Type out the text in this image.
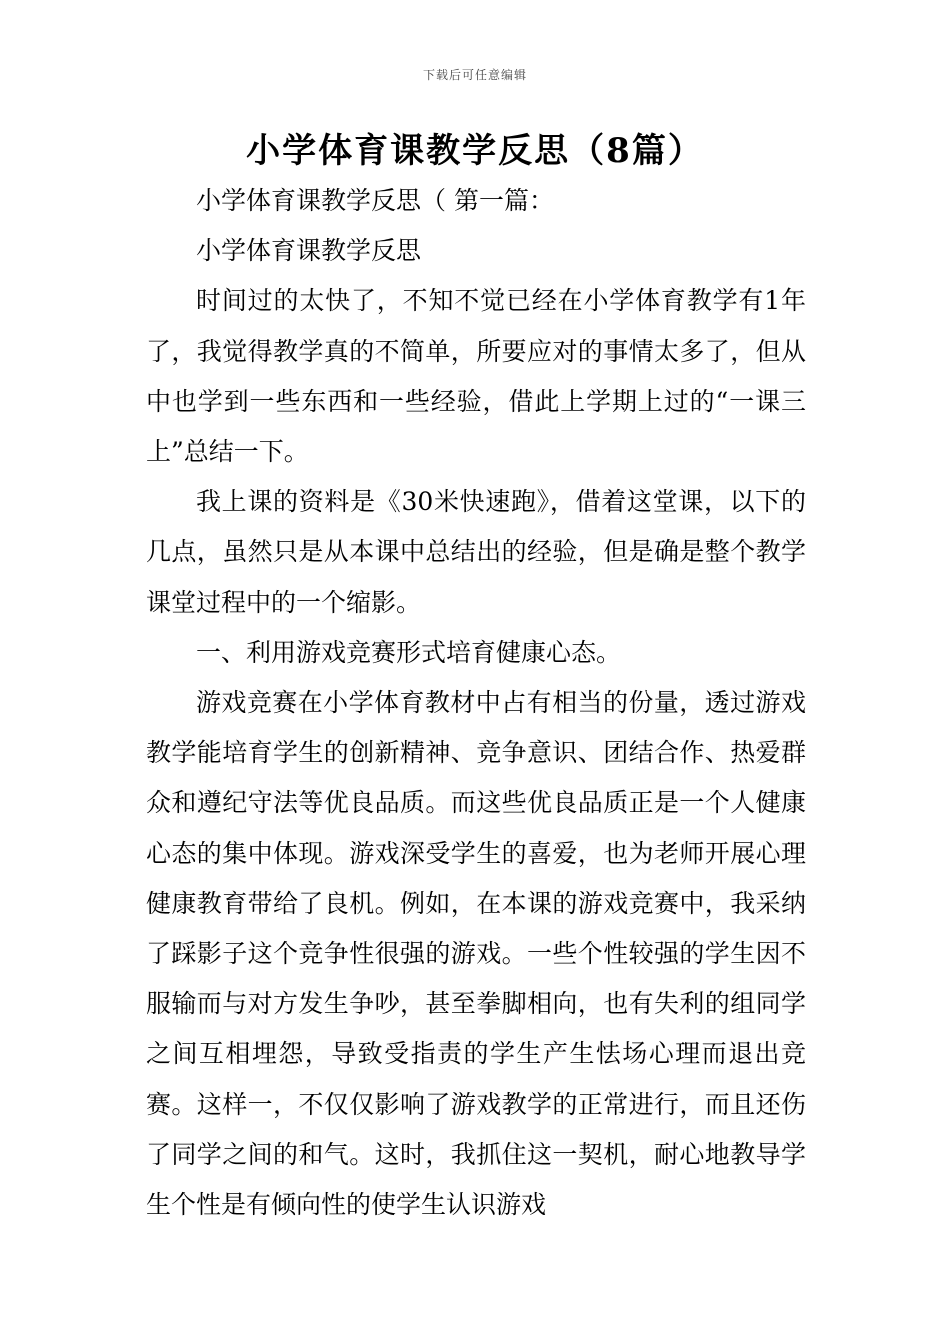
下载后可任意编辑
小学体育课教学反思（8篇）

小学体育课教学反思（ 第一篇：

小学体育课教学反思

时间过的太快了，不知不觉已经在小学体育教学有1年了，我觉得教学真的不简单，所要应对的事情太多了，但从中也学到一些东西和一些经验，借此上学期上过的“一课三上”总结一下。

我上课的资料是《30米快速跑》，借着这堂课，以下的几点，虽然只是从本课中总结出的经验，但是确是整个教学课堂过程中的一个缩影。

一、利用游戏竞赛形式培育健康心态。

游戏竞赛在小学体育教材中占有相当的份量，透过游戏教学能培育学生的创新精神、竞争意识、团结合作、热爱群众和遵纪守法等优良品质。而这些优良品质正是一个人健康心态的集中体现。游戏深受学生的喜爱，也为老师开展心理健康教育带给了良机。例如，在本课的游戏竞赛中，我采纳了踩影子这个竞争性很强的游戏。一些个性较强的学生因不服输而与对方发生争吵，甚至拳脚相向，也有失利的组同学之间互相埋怨，导致受指责的学生产生怯场心理而退出竞赛。这样一，不仅仅影响了游戏教学的正常进行，而且还伤了同学之间的和气。这时，我抓住这一契机，耐心地教导学生个性是有倾向性的使学生认识游戏
